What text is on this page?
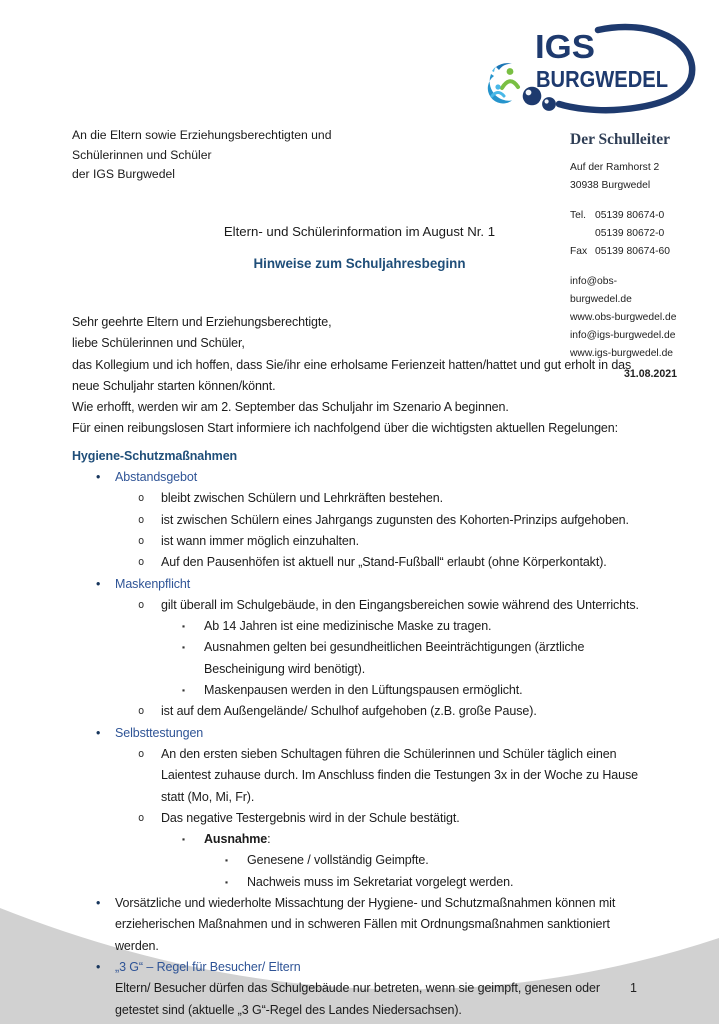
1
IGS
BURGWEDEL
An die Eltern sowie Erziehungsberechtigten und
Schülerinnen und Schüler
der IGS Burgwedel
Der Schulleiter
Auf der Ramhorst 2
30938 Burgwedel
Tel. 05139 80674-0
05139 80672-0
Fax 05139 80674-60
info@obs-burgwedel.de
www.obs-burgwedel.de
info@igs-burgwedel.de
www.igs-burgwedel.de
31.08.2021
Eltern- und Schülerinformation im August Nr. 1
Hinweise zum Schuljahresbeginn
Sehr geehrte Eltern und Erziehungsberechtigte,
liebe Schülerinnen und Schüler,
das Kollegium und ich hoffen, dass Sie/ihr eine erholsame Ferienzeit hatten/hattet und gut erholt in das neue Schuljahr starten können/könnt.
Wie erhofft, werden wir am 2. September das Schuljahr im Szenario A beginnen.
Für einen reibungslosen Start informiere ich nachfolgend über die wichtigsten aktuellen Regelungen:
Hygiene-Schutzmaßnahmen
• Abstandsgebot
o bleibt zwischen Schülern und Lehrkräften bestehen.
o ist zwischen Schülern eines Jahrgangs zugunsten des Kohorten-Prinzips aufgehoben.
o ist wann immer möglich einzuhalten.
o Auf den Pausenhöfen ist aktuell nur „Stand-Fußball“ erlaubt (ohne Körperkontakt).
• Maskenpflicht
o gilt überall im Schulgebäude, in den Eingangsbereichen sowie während des Unterrichts.
▪ Ab 14 Jahren ist eine medizinische Maske zu tragen.
▪ Ausnahmen gelten bei gesundheitlichen Beeinträchtigungen (ärztliche Bescheinigung wird benötigt).
▪ Maskenpausen werden in den Lüftungspausen ermöglicht.
o ist auf dem Außengelände/ Schulhof aufgehoben (z.B. große Pause).
• Selbsttestungen
o An den ersten sieben Schultagen führen die Schülerinnen und Schüler täglich einen Laientest zuhause durch. Im Anschluss finden die Testungen 3x in der Woche zu Hause statt (Mo, Mi, Fr).
o Das negative Testergebnis wird in der Schule bestätigt.
▪ Ausnahme:
▪ Genesene / vollständig Geimpfte.
▪ Nachweis muss im Sekretariat vorgelegt werden.
• Vorsätzliche und wiederholte Missachtung der Hygiene- und Schutzmaßnahmen können mit erzieherischen Maßnahmen und in schweren Fällen mit Ordnungsmaßnahmen sanktioniert werden.
• „3 G“ – Regel für Besucher/ Eltern
Eltern/ Besucher dürfen das Schulgebäude nur betreten, wenn sie geimpft, genesen oder getestet sind (aktuelle „3 G“-Regel des Landes Niedersachsen).
